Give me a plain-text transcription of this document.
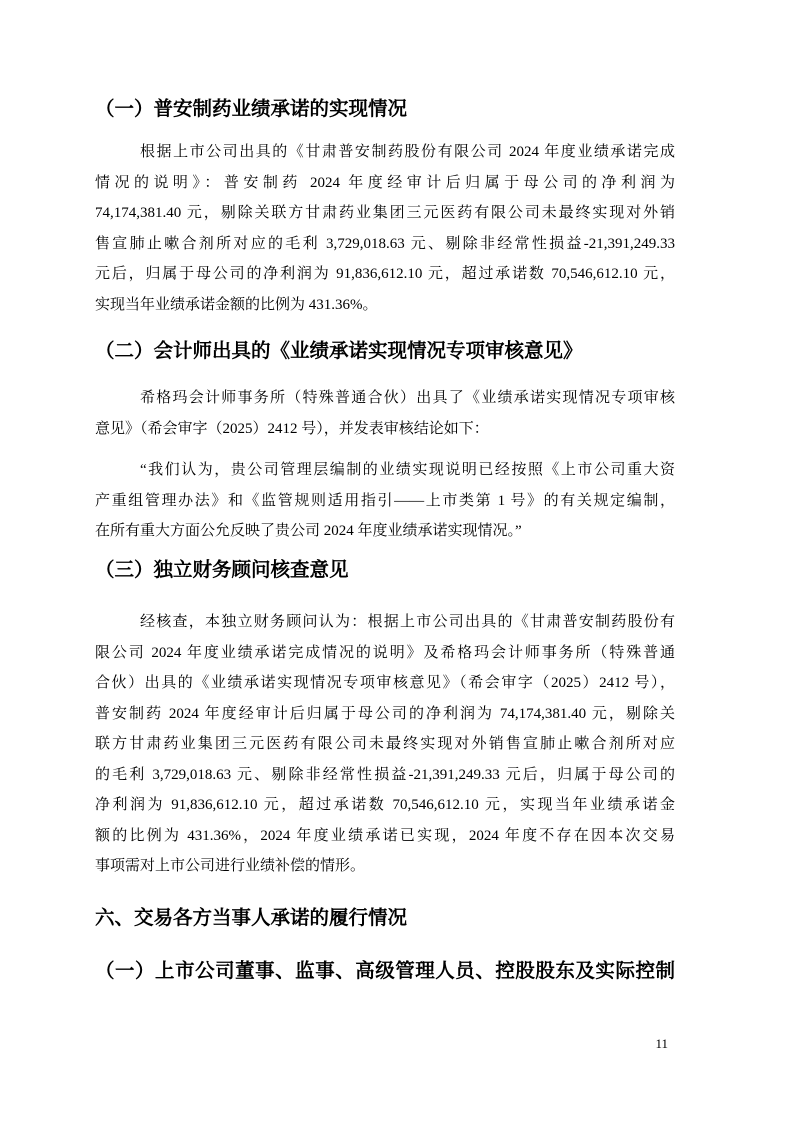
（一）普安制药业绩承诺的实现情况
根据上市公司出具的《甘肃普安制药股份有限公司 2024 年度业绩承诺完成
情况的说明》：普安制药 2024 年度经审计后归属于母公司的净利润为
74,174,381.40 元，剔除关联方甘肃药业集团三元医药有限公司未最终实现对外销
售宣肺止嗽合剂所对应的毛利 3,729,018.63 元、剔除非经常性损益-21,391,249.33
元后，归属于母公司的净利润为 91,836,612.10 元，超过承诺数 70,546,612.10 元，
实现当年业绩承诺金额的比例为 431.36%。
（二）会计师出具的《业绩承诺实现情况专项审核意见》
希格玛会计师事务所（特殊普通合伙）出具了《业绩承诺实现情况专项审核
意见》（希会审字（2025）2412 号），并发表审核结论如下：
“我们认为，贵公司管理层编制的业绩实现说明已经按照《上市公司重大资
产重组管理办法》和《监管规则适用指引——上市类第 1 号》的有关规定编制，
在所有重大方面公允反映了贵公司 2024 年度业绩承诺实现情况。”
（三）独立财务顾问核查意见
经核查，本独立财务顾问认为：根据上市公司出具的《甘肃普安制药股份有
限公司 2024 年度业绩承诺完成情况的说明》及希格玛会计师事务所（特殊普通
合伙）出具的《业绩承诺实现情况专项审核意见》（希会审字（2025）2412 号），
普安制药 2024 年度经审计后归属于母公司的净利润为 74,174,381.40 元，剔除关
联方甘肃药业集团三元医药有限公司未最终实现对外销售宣肺止嗽合剂所对应
的毛利 3,729,018.63 元、剔除非经常性损益-21,391,249.33 元后，归属于母公司的
净利润为 91,836,612.10 元，超过承诺数 70,546,612.10 元，实现当年业绩承诺金
额的比例为 431.36%，2024 年度业绩承诺已实现，2024 年度不存在因本次交易
事项需对上市公司进行业绩补偿的情形。
六、交易各方当事人承诺的履行情况
（一）上市公司董事、监事、高级管理人员、控股股东及实际控制
11
